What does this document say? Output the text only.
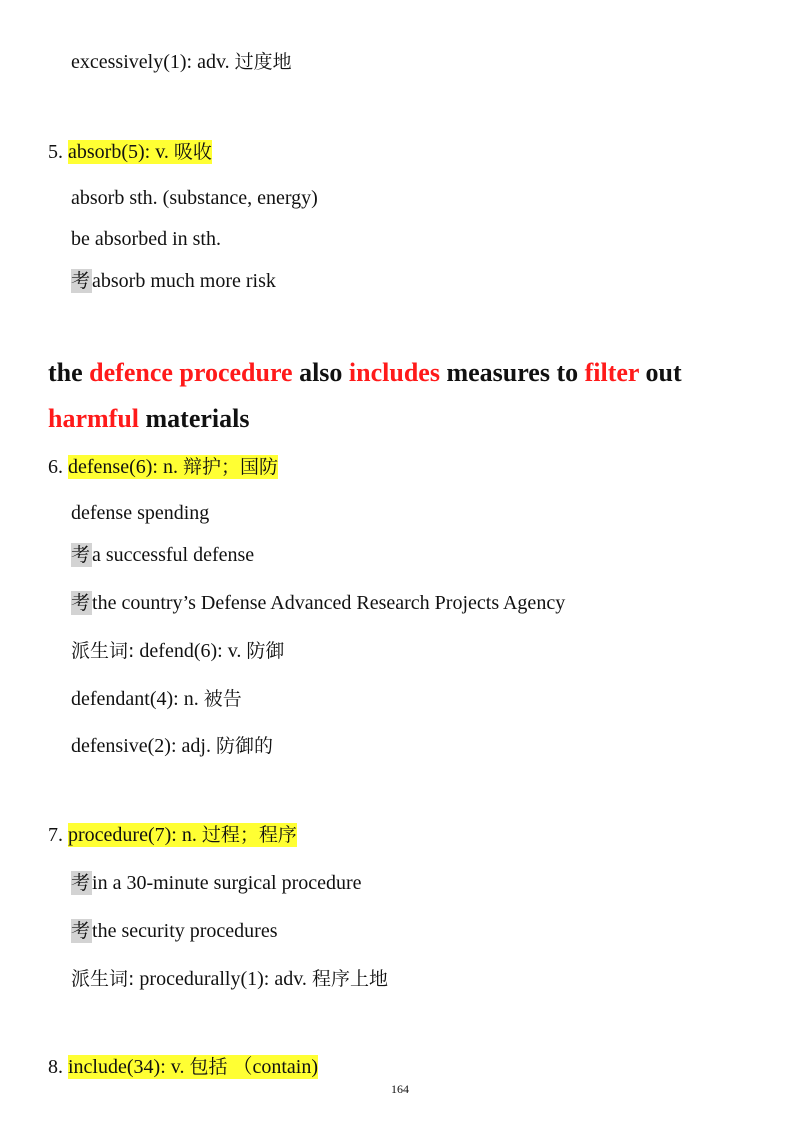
excessively(1): adv. 过度地
5. absorb(5): v. 吸收
absorb sth. (substance, energy)
be absorbed in sth.
考 absorb much more risk
the defence procedure also includes measures to filter out
harmful materials
6. defense(6): n. 辩护；国防
defense spending
考 a successful defense
考 the country’s Defense Advanced Research Projects Agency
派生词: defend(6): v. 防御
defendant(4): n. 被告
defensive(2): adj. 防御的
7. procedure(7): n. 过程；程序
考 in a 30-minute surgical procedure
考 the security procedures
派生词: procedurally(1): adv. 程序上地
8. include(34): v. 包括 （contain)
164
